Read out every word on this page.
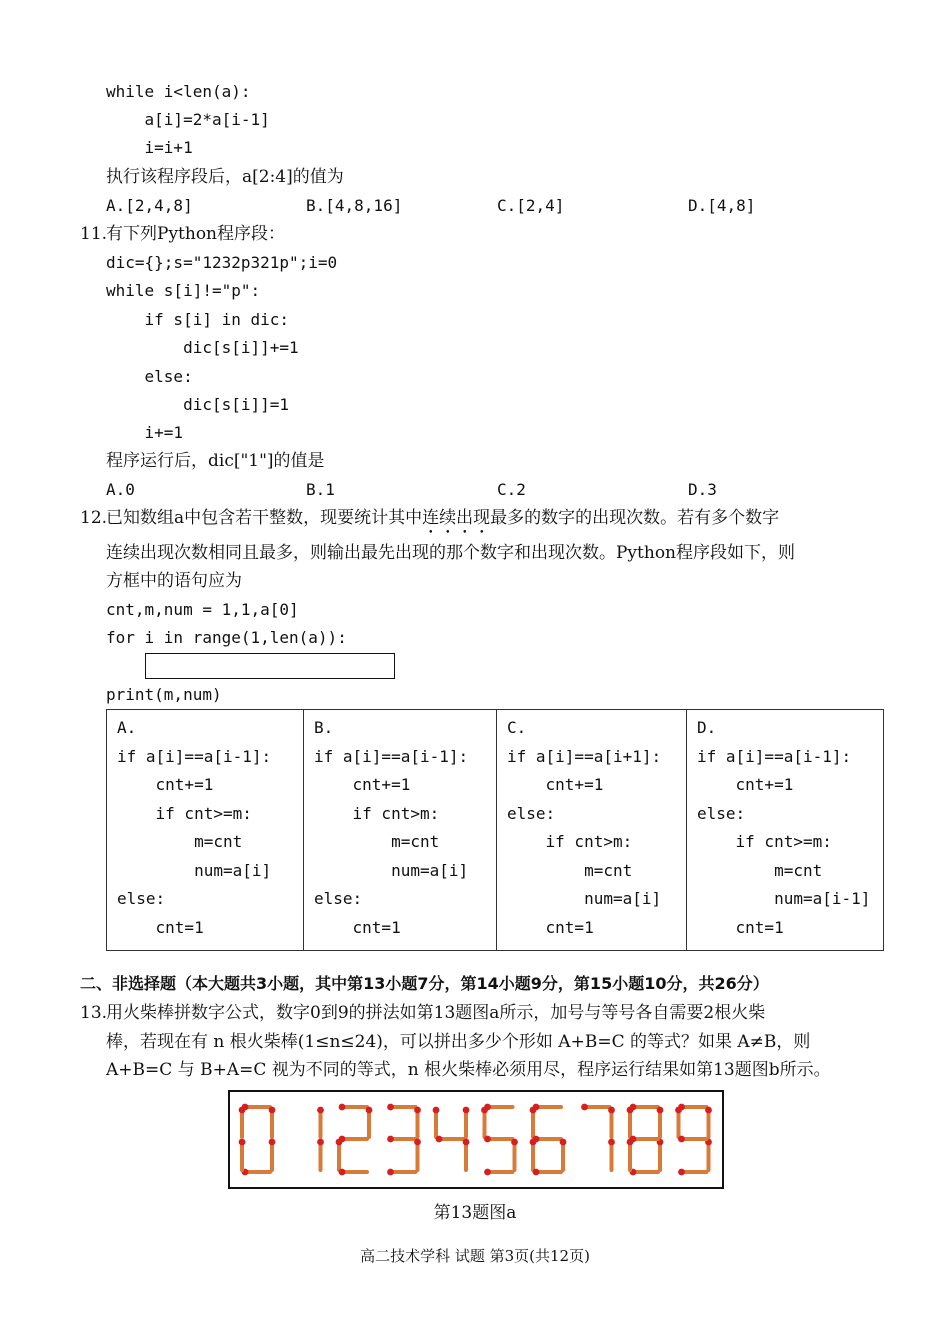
while i<len(a):
a[i]=2*a[i-1]
i=i+1
执行该程序段后，a[2:4]的值为
A.[2,4,8]	B.[4,8,16]	C.[2,4]	D.[4,8]
11.
有下列Python程序段：
dic={};s="1232p321p";i=0
while s[i]!="p":
if s[i] in dic:
dic[s[i]]+=1
else:
dic[s[i]]=1
i+=1
程序运行后，dic["1"]的值是
A.0	B.1	C.2	D.3
12.
已知数组a中包含若干整数，现要统计其中连续出现最多的数字的出现次数。若有多个数字
连续出现次数相同且最多，则输出最先出现的那个数字和出现次数。Python程序段如下，则
方框中的语句应为
cnt,m,num = 1,1,a[0]
for i in range(1,len(a)):
print(m,num)
A.
if a[i]==a[i-1]:
cnt+=1
if cnt>=m:
m=cnt
num=a[i]
else:
cnt=1

B.
if a[i]==a[i-1]:
cnt+=1
if cnt>m:
m=cnt
num=a[i]
else:
cnt=1

C.
if a[i]==a[i+1]:
cnt+=1
else:
if cnt>m:
m=cnt
num=a[i]
cnt=1

D.
if a[i]==a[i-1]:
cnt+=1
else:
if cnt>=m:
m=cnt
num=a[i-1]
cnt=1
二、非选择题（本大题共3小题，其中第13小题7分，第14小题9分，第15小题10分，共26分）
13.
用火柴棒拼数字公式，数字0到9的拼法如第13题图a所示，加号与等号各自需要2根火柴
棒，若现在有 n 根火柴棒(1≤n≤24)，可以拼出多少个形如 A+B=C 的等式？如果 A≠B，则
A+B=C 与 B+A=C 视为不同的等式，n 根火柴棒必须用尽，程序运行结果如第13题图b所示。
第13题图a
高二技术学科 试题 第3页(共12页)
